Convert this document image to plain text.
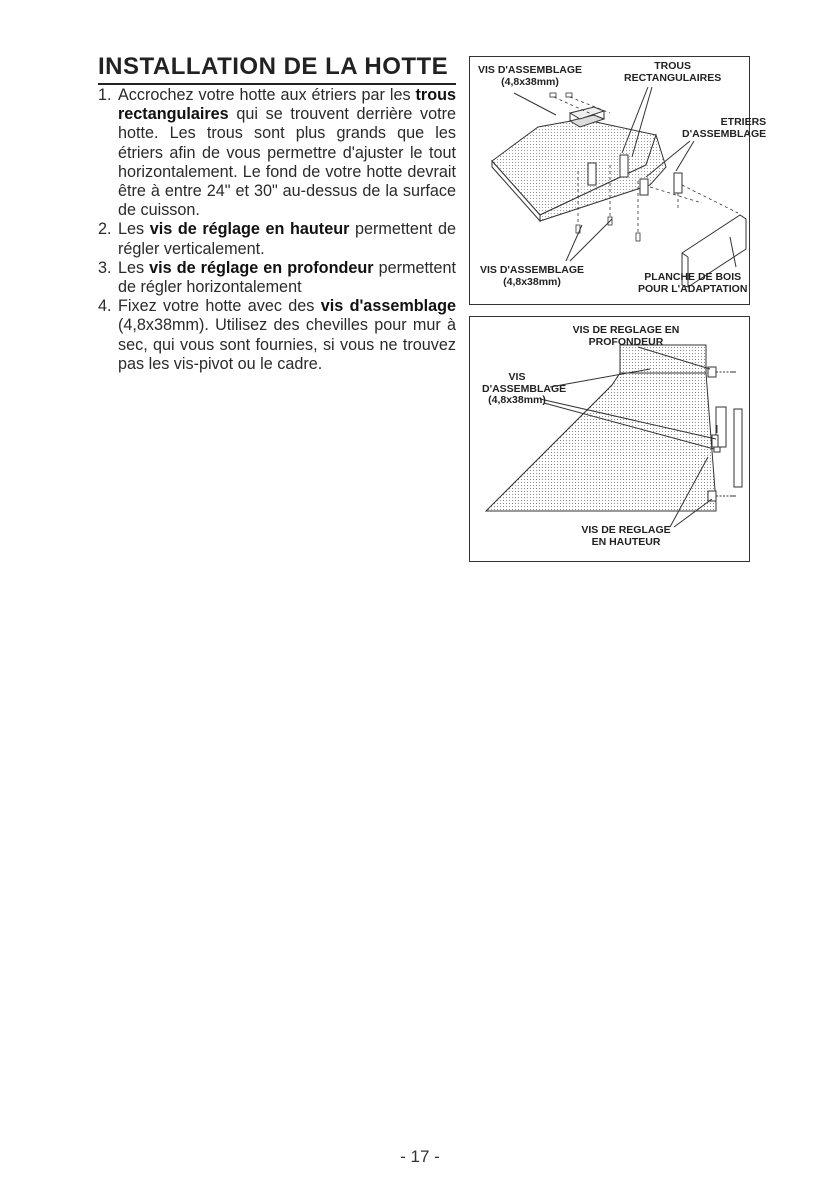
INSTALLATION DE LA HOTTE
1. Accrochez votre hotte aux étriers par les trous rectangulaires qui se trouvent derrière votre hotte. Les trous sont plus grands que les étriers afin de vous permettre d'ajuster le tout horizontalement. Le fond de votre hotte devrait être à entre 24" et 30" au-dessus de la surface de cuisson.
2. Les vis de réglage en hauteur permettent de régler verticalement.
3. Les vis de réglage en profondeur permettent de régler horizontalement
4. Fixez votre hotte avec des vis d'assemblage (4,8x38mm). Utilisez des chevilles pour mur à sec, qui vous sont fournies, si vous ne trouvez pas les vis-pivot ou le cadre.
VIS D'ASSEMBLAGE
(4,8x38mm)
TROUS
RECTANGULAIRES
ETRIERS
D'ASSEMBLAGE
VIS D'ASSEMBLAGE
(4,8x38mm)	PLANCHE DE BOIS
POUR L'ADAPTATION
VIS DE REGLAGE EN
PROFONDEUR
VIS
D'ASSEMBLAGE
(4,8x38mm)
VIS DE REGLAGE
EN HAUTEUR
- 17 -
